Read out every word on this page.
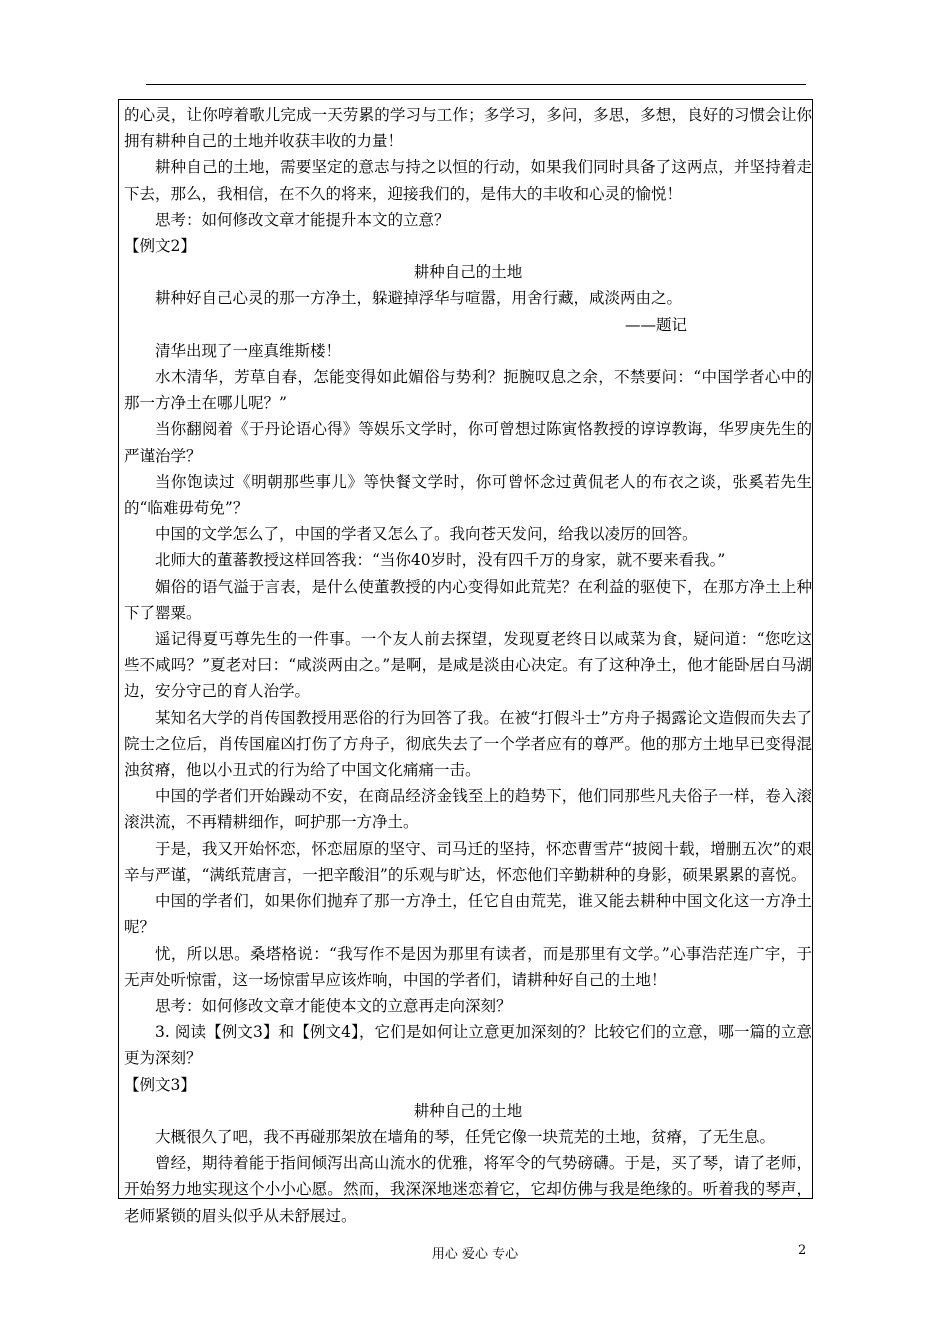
的心灵，让你哼着歌儿完成一天劳累的学习与工作；多学习，多问，多思，多想，良好的习惯会让你拥有耕种自己的土地并收获丰收的力量！

耕种自己的土地，需要坚定的意志与持之以恒的行动，如果我们同时具备了这两点，并坚持着走下去，那么，我相信，在不久的将来，迎接我们的，是伟大的丰收和心灵的愉悦！

思考：如何修改文章才能提升本文的立意？

【例文2】

耕种自己的土地

耕种好自己心灵的那一方净土，躲避掉浮华与喧嚣，用舍行藏，咸淡两由之。

——题记

清华出现了一座真维斯楼！

水木清华，芳草自春，怎能变得如此媚俗与势利？扼腕叹息之余，不禁要问：“中国学者心中的那一方净土在哪儿呢？”

当你翻阅着《于丹论语心得》等娱乐文学时，你可曾想过陈寅恪教授的谆谆教诲，华罗庚先生的严谨治学？

当你饱读过《明朝那些事儿》等快餐文学时，你可曾怀念过黄侃老人的布衣之谈，张奚若先生的“临难毋苟免”？

中国的文学怎么了，中国的学者又怎么了。我向苍天发问，给我以凌厉的回答。

北师大的董蕃教授这样回答我：“当你40岁时，没有四千万的身家，就不要来看我。”

媚俗的语气溢于言表，是什么使董教授的内心变得如此荒芜？在利益的驱使下，在那方净土上种下了罂粟。

遥记得夏丐尊先生的一件事。一个友人前去探望，发现夏老终日以咸菜为食，疑问道：“您吃这些不咸吗？”夏老对曰：“咸淡两由之。”是啊，是咸是淡由心决定。有了这种净土，他才能卧居白马湖边，安分守己的育人治学。

某知名大学的肖传国教授用恶俗的行为回答了我。在被“打假斗士”方舟子揭露论文造假而失去了院士之位后，肖传国雇凶打伤了方舟子，彻底失去了一个学者应有的尊严。他的那方土地早已变得混浊贫瘠，他以小丑式的行为给了中国文化痛痛一击。

中国的学者们开始躁动不安，在商品经济金钱至上的趋势下，他们同那些凡夫俗子一样，卷入滚滚洪流，不再精耕细作，呵护那一方净土。

于是，我又开始怀恋，怀恋屈原的坚守、司马迁的坚持，怀恋曹雪芹“披阅十载，增删五次”的艰辛与严谨，“满纸荒唐言，一把辛酸泪”的乐观与旷达，怀恋他们辛勤耕种的身影，硕果累累的喜悦。

中国的学者们，如果你们抛弃了那一方净土，任它自由荒芜，谁又能去耕种中国文化这一方净土呢？

忧，所以思。桑塔格说：“我写作不是因为那里有读者，而是那里有文学。”心事浩茫连广宇，于无声处听惊雷，这一场惊雷早应该炸响，中国的学者们，请耕种好自己的土地！

思考：如何修改文章才能使本文的立意再走向深刻？

3. 阅读【例文3】和【例文4】，它们是如何让立意更加深刻的？比较它们的立意，哪一篇的立意更为深刻？

【例文3】

耕种自己的土地

大概很久了吧，我不再碰那架放在墙角的琴，任凭它像一块荒芜的土地，贫瘠，了无生息。

曾经，期待着能于指间倾泻出高山流水的优雅，将军令的气势磅礴。于是，买了琴，请了老师，开始努力地实现这个小小心愿。然而，我深深地迷恋着它，它却仿佛与我是绝缘的。听着我的琴声，老师紧锁的眉头似乎从未舒展过。

用心 爱心 专心	2
